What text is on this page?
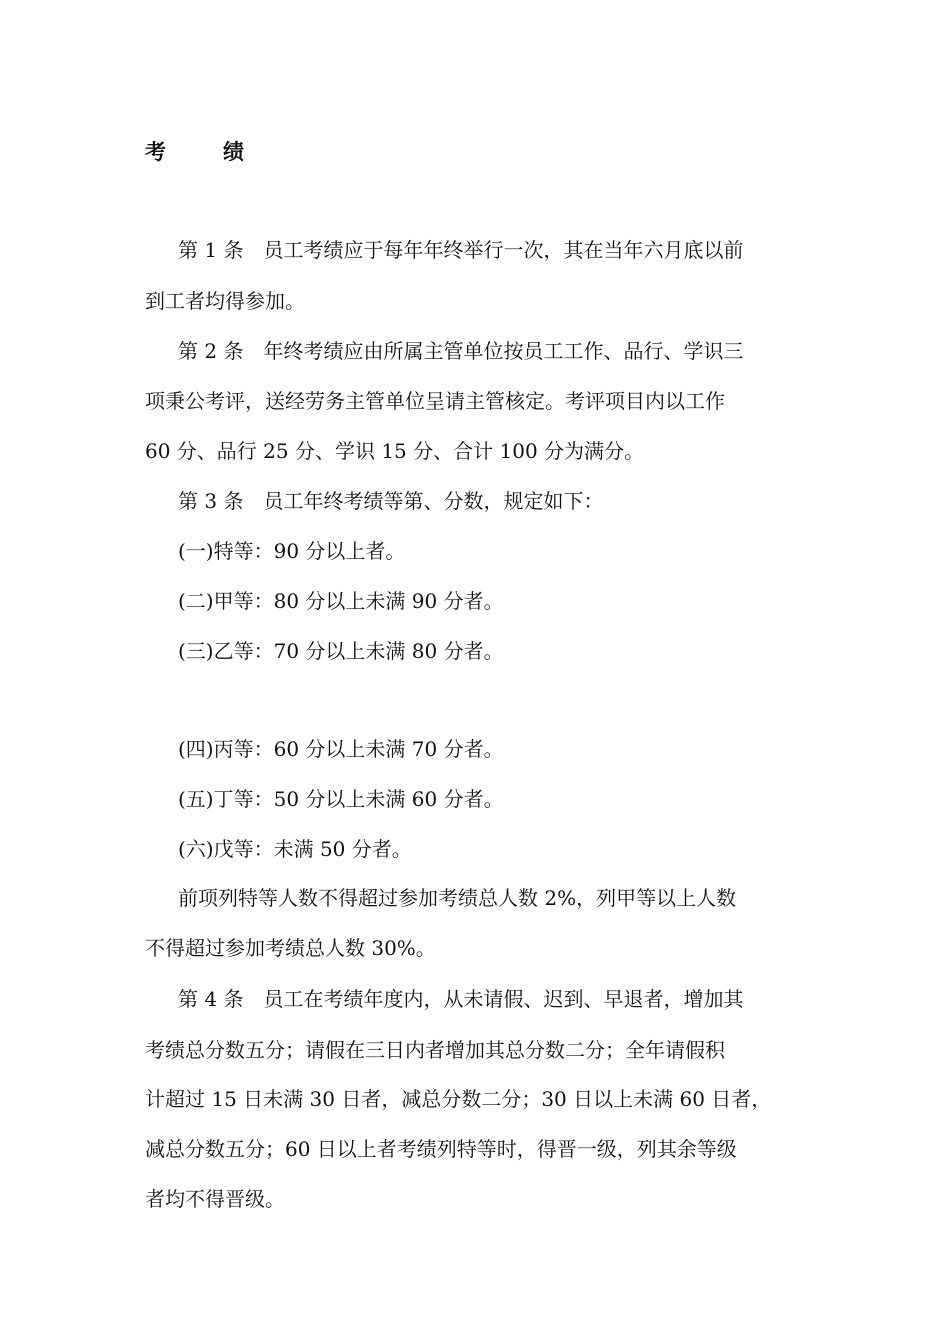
考　绩
第 1 条　员工考绩应于每年年终举行一次，其在当年六月底以前
到工者均得参加。
第 2 条　年终考绩应由所属主管单位按员工工作、品行、学识三
项秉公考评，送经劳务主管单位呈请主管核定。考评项目内以工作
60 分、品行 25 分、学识 15 分、合计 100 分为满分。
第 3 条　员工年终考绩等第、分数，规定如下：
(一)特等：90 分以上者。
(二)甲等：80 分以上未满 90 分者。
(三)乙等：70 分以上未满 80 分者。
(四)丙等：60 分以上未满 70 分者。
(五)丁等：50 分以上未满 60 分者。
(六)戊等：未满 50 分者。
前项列特等人数不得超过参加考绩总人数 2%，列甲等以上人数
不得超过参加考绩总人数 30%。
第 4 条　员工在考绩年度内，从未请假、迟到、早退者，增加其
考绩总分数五分；请假在三日内者增加其总分数二分；全年请假积
计超过 15 日未满 30 日者，减总分数二分；30 日以上未满 60 日者，
减总分数五分；60 日以上者考绩列特等时，得晋一级，列其余等级
者均不得晋级。
